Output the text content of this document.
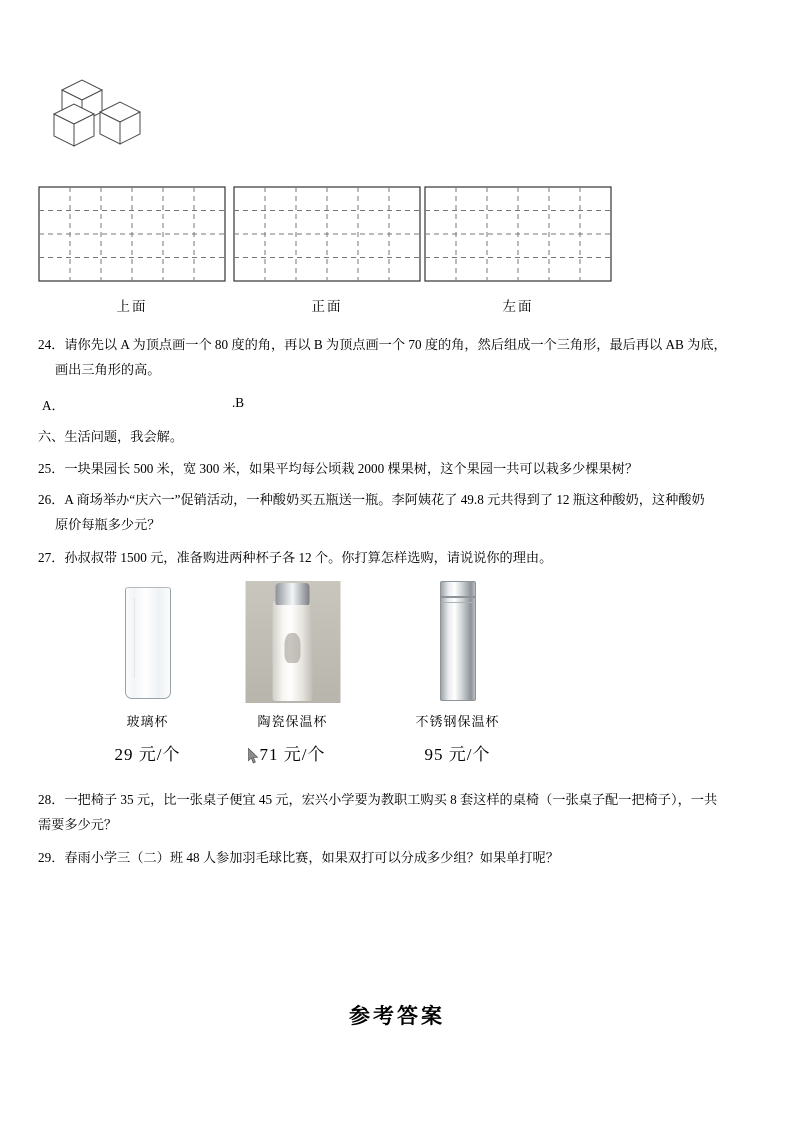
上面	正面	左面
24．请你先以 A 为顶点画一个 80 度的角，再以 B 为顶点画一个 70 度的角，然后组成一个三角形，最后再以 AB 为底，
画出三角形的高。
A．	.B
六、生活问题，我会解。
25．一块果园长 500 米，宽 300 米，如果平均每公顷栽 2000 棵果树，这个果园一共可以栽多少棵果树？
26．A 商场举办“庆六一”促销活动，一种酸奶买五瓶送一瓶。李阿姨花了 49.8 元共得到了 12 瓶这种酸奶，这种酸奶
原价每瓶多少元？
27．孙叔叔带 1500 元，准备购进两种杯子各 12 个。你打算怎样选购，请说说你的理由。
玻璃杯
29 元/个
陶瓷保温杯
71 元/个
不锈钢保温杯
95 元/个
28．一把椅子 35 元，比一张桌子便宜 45 元，宏兴小学要为教职工购买 8 套这样的桌椅（一张桌子配一把椅子），一共
需要多少元？
29．春雨小学三（二）班 48 人参加羽毛球比赛，如果双打可以分成多少组？如果单打呢？
参考答案
